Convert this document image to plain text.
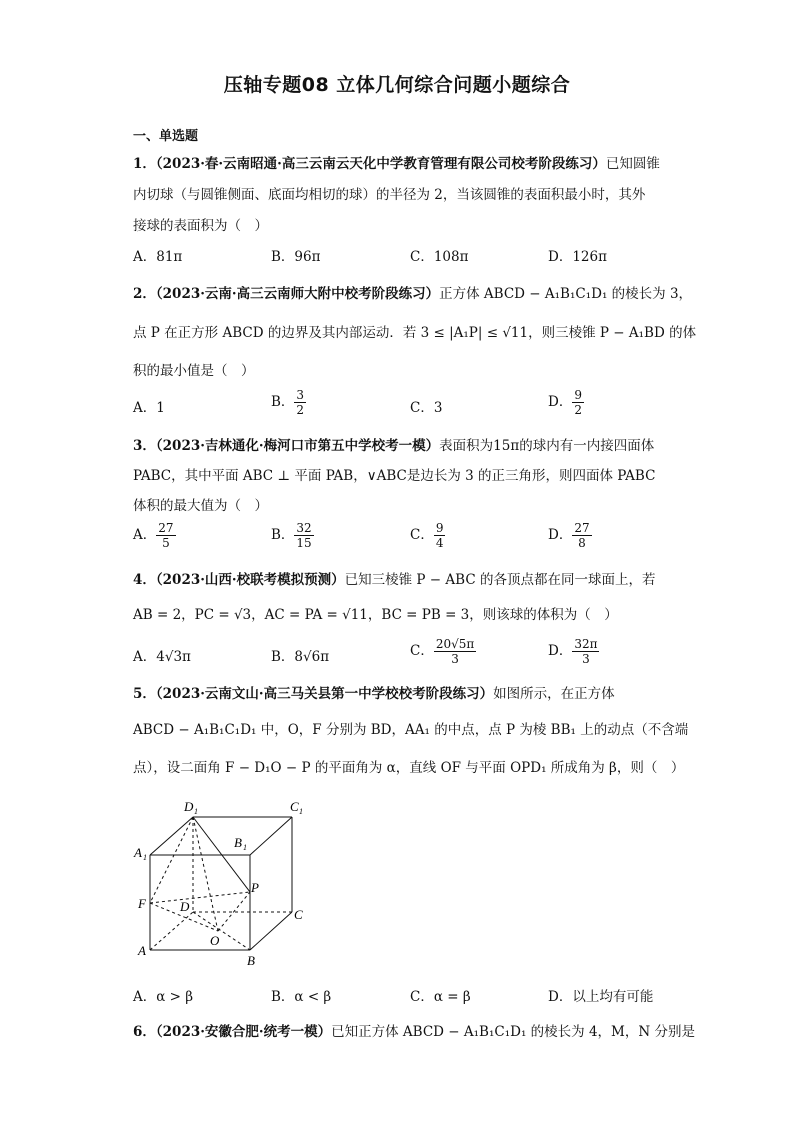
压轴专题08 立体几何综合问题小题综合
一、单选题
1．（2023·春·云南昭通·高三云南云天化中学教育管理有限公司校考阶段练习）已知圆锥
内切球（与圆锥侧面、底面均相切的球）的半径为 2，当该圆锥的表面积最小时，其外
接球的表面积为（　）
A．81π	B．96π	C．108π	D．126π
2．（2023·云南·高三云南师大附中校考阶段练习）正方体 ABCD − A₁B₁C₁D₁ 的棱长为 3，
点 P 在正方形 ABCD 的边界及其内部运动．若 3 ≤ |A₁P| ≤ √11，则三棱锥 P − A₁BD 的体
积的最小值是（　）
A．1	B． $\frac{3}{2}$	C．3	D． $\frac{9}{2}$
3．（2023·吉林通化·梅河口市第五中学校考一模）表面积为15π的球内有一内接四面体
PABC，其中平面 ABC ⊥ 平面 PAB，∨ABC是边长为 3 的正三角形，则四面体 PABC
体积的最大值为（　）
A． $\frac{27}{5}$	B． $\frac{32}{15}$	C． $\frac{9}{4}$	D． $\frac{27}{8}$
4．（2023·山西·校联考模拟预测）已知三棱锥 P − ABC 的各顶点都在同一球面上，若
AB = 2，PC = √3，AC = PA = √11，BC = PB = 3，则该球的体积为（　）
A．4√3π	B．8√6π	C． $\frac{20√5\pi}{3}$	D． $\frac{32\pi}{3}$
5．（2023·云南文山·高三马关县第一中学校校考阶段练习）如图所示，在正方体
ABCD − A₁B₁C₁D₁ 中，O，F 分别为 BD，AA₁ 的中点，点 P 为棱 BB₁ 上的动点（不含端
点），设二面角 F − D₁O − P 的平面角为 α，直线 OF 与平面 OPD₁ 所成角为 β，则（　）
D 1	C 1
A 1
B 1
P
F	D
C
O
A
B
A．α > β	B．α < β	C．α = β	D．以上均有可能
6．（2023·安徽合肥·统考一模）已知正方体 ABCD − A₁B₁C₁D₁ 的棱长为 4，M，N 分别是
